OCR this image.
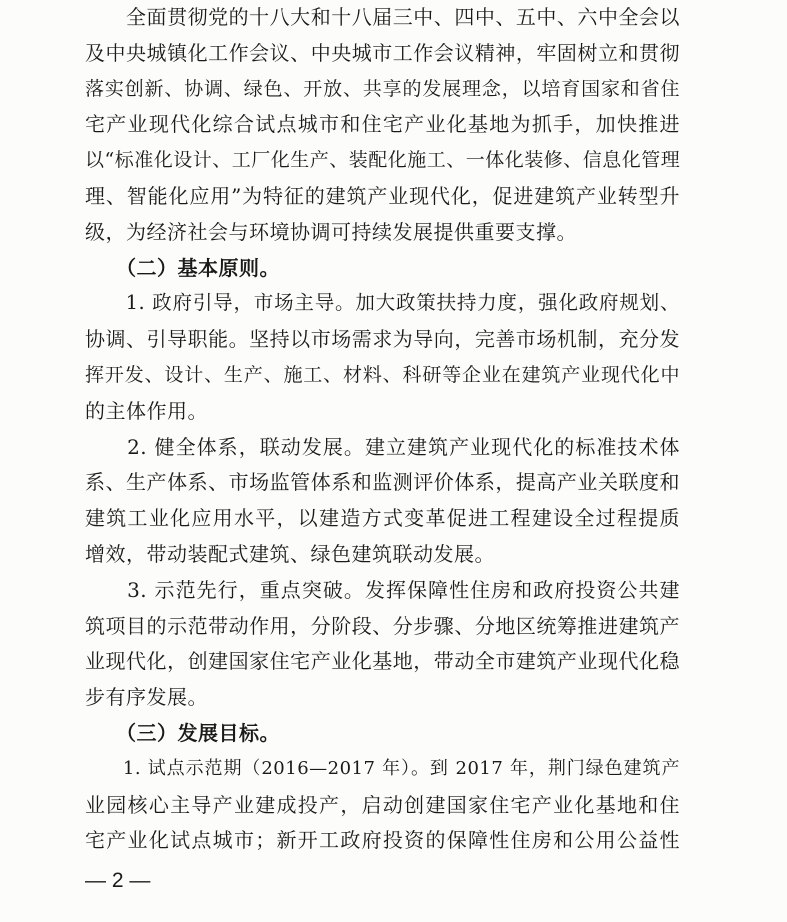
　　全面贯彻党的十八大和十八届三中、四中、五中、六中全会以
及中央城镇化工作会议、中央城市工作会议精神，牢固树立和贯彻
落实创新、协调、绿色、开放、共享的发展理念，以培育国家和省住
宅产业现代化综合试点城市和住宅产业化基地为抓手，加快推进
以“标准化设计、工厂化生产、装配化施工、一体化装修、信息化管理
理、智能化应用”为特征的建筑产业现代化，促进建筑产业转型升
级，为经济社会与环境协调可持续发展提供重要支撑。
　　（二）基本原则。
　　1. 政府引导，市场主导。加大政策扶持力度，强化政府规划、
协调、引导职能。坚持以市场需求为导向，完善市场机制，充分发
挥开发、设计、生产、施工、材料、科研等企业在建筑产业现代化中
的主体作用。
　　2. 健全体系，联动发展。建立建筑产业现代化的标准技术体
系、生产体系、市场监管体系和监测评价体系，提高产业关联度和
建筑工业化应用水平，以建造方式变革促进工程建设全过程提质
增效，带动装配式建筑、绿色建筑联动发展。
　　3. 示范先行，重点突破。发挥保障性住房和政府投资公共建
筑项目的示范带动作用，分阶段、分步骤、分地区统筹推进建筑产
业现代化，创建国家住宅产业化基地，带动全市建筑产业现代化稳
步有序发展。
　　（三）发展目标。
　　1. 试点示范期（2016—2017 年）。到 2017 年，荆门绿色建筑产
业园核心主导产业建成投产，启动创建国家住宅产业化基地和住
宅产业化试点城市；新开工政府投资的保障性住房和公用公益性
— 2 —
